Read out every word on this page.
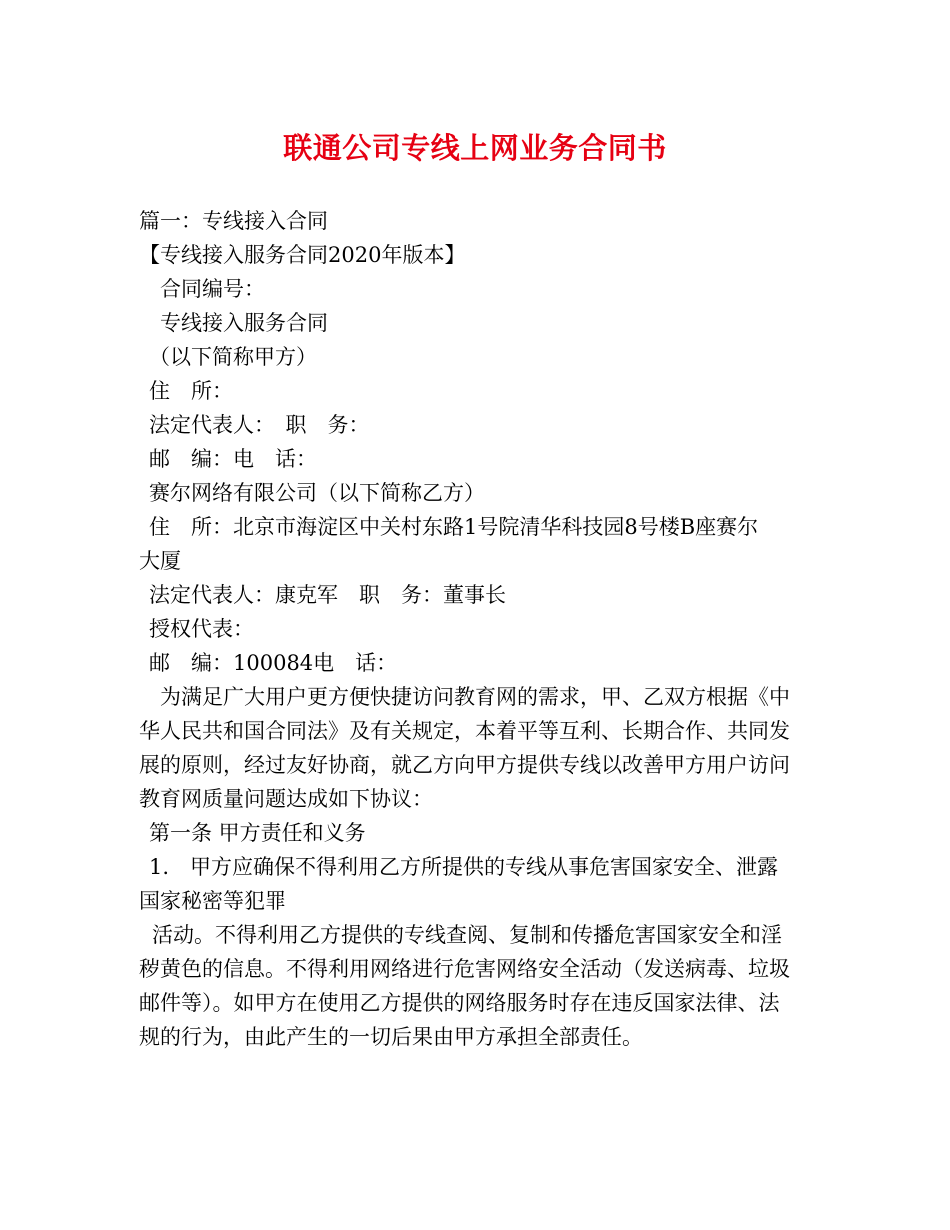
联通公司专线上网业务合同书
篇一：专线接入合同
【专线接入服务合同2020年版本】
合同编号：
专线接入服务合同
（以下简称甲方）
住　所：
法定代表人：　职　务：
邮　编：电　话：
赛尔网络有限公司（以下简称乙方）
住　所：北京市海淀区中关村东路1号院清华科技园8号楼B座赛尔
大厦
法定代表人：康克军　职　务：董事长
授权代表：
邮　编：100084电　话：
为满足广大用户更方便快捷访问教育网的需求，甲、乙双方根据《中
华人民共和国合同法》及有关规定，本着平等互利、长期合作、共同发
展的原则，经过友好协商，就乙方向甲方提供专线以改善甲方用户访问
教育网质量问题达成如下协议：
第一条 甲方责任和义务
1.　甲方应确保不得利用乙方所提供的专线从事危害国家安全、泄露
国家秘密等犯罪
活动。不得利用乙方提供的专线查阅、复制和传播危害国家安全和淫
秽黄色的信息。不得利用网络进行危害网络安全活动（发送病毒、垃圾
邮件等）。如甲方在使用乙方提供的网络服务时存在违反国家法律、法
规的行为，由此产生的一切后果由甲方承担全部责任。
